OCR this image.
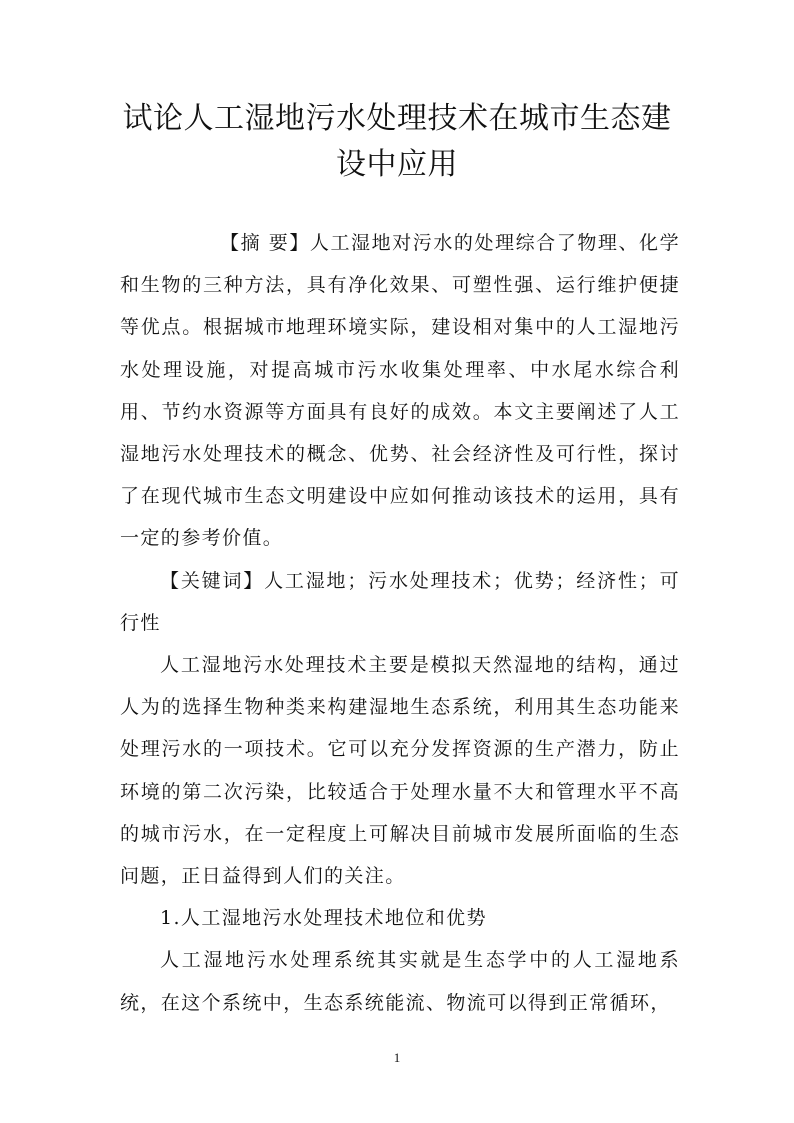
试论人工湿地污水处理技术在城市生态建
设中应用

【摘 要】人工湿地对污水的处理综合了物理、化学和生物的三种方法，具有净化效果、可塑性强、运行维护便捷等优点。根据城市地理环境实际，建设相对集中的人工湿地污水处理设施，对提高城市污水收集处理率、中水尾水综合利用、节约水资源等方面具有良好的成效。本文主要阐述了人工湿地污水处理技术的概念、优势、社会经济性及可行性，探讨了在现代城市生态文明建设中应如何推动该技术的运用，具有一定的参考价值。

【关键词】人工湿地；污水处理技术；优势；经济性；可行性

人工湿地污水处理技术主要是模拟天然湿地的结构，通过人为的选择生物种类来构建湿地生态系统，利用其生态功能来处理污水的一项技术。它可以充分发挥资源的生产潜力，防止环境的第二次污染，比较适合于处理水量不大和管理水平不高的城市污水，在一定程度上可解决目前城市发展所面临的生态问题，正日益得到人们的关注。

1.人工湿地污水处理技术地位和优势

人工湿地污水处理系统其实就是生态学中的人工湿地系统，在这个系统中，生态系统能流、物流可以得到正常循环，

1
